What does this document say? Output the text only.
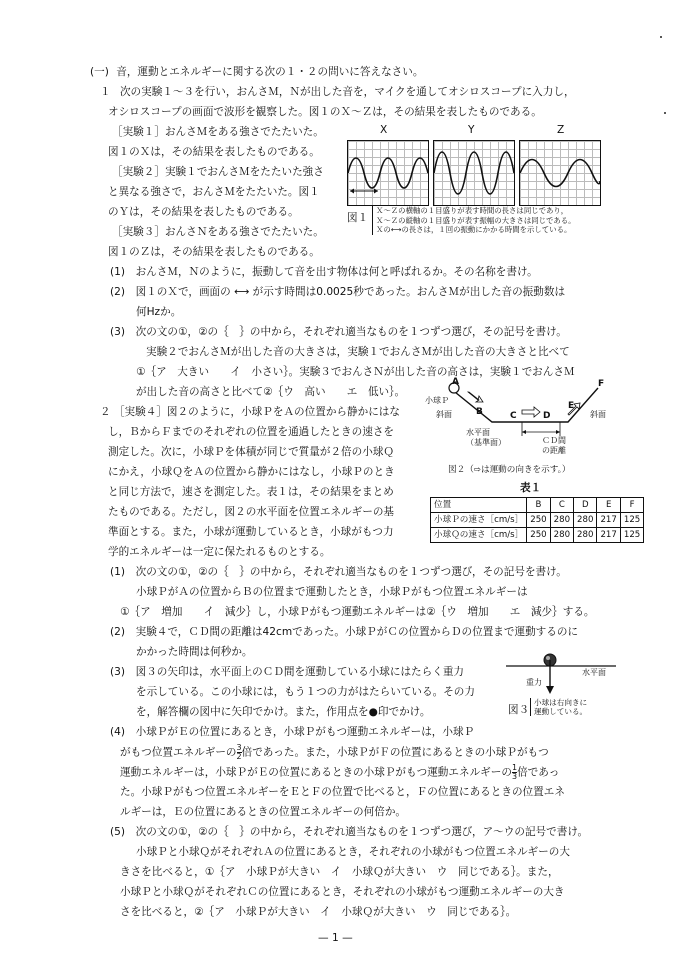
(一) 音，運動とエネルギーに関する次の１・２の問いに答えなさい。
１ 次の実験１～３を行い，おんさＭ，Ｎが出した音を，マイクを通してオシロスコープに入力し，
オシロスコープの画面で波形を観察した。図１のＸ～Ｚは，その結果を表したものである。
［実験１］おんさＭをある強さでたたいた。
図１のＸは，その結果を表したものである。
［実験２］実験１でおんさＭをたたいた強さ
と異なる強さで，おんさＭをたたいた。図１
のＹは，その結果を表したものである。
［実験３］おんさＮをある強さでたたいた。
図１のＺは，その結果を表したものである。
X	Y	Z
図１
Ｘ～Ｚの横軸の１目盛りが表す時間の長さは同じであり，
Ｘ～Ｚの縦軸の１目盛りが表す振幅の大きさは同じである。
Ｘの⟷の長さは，１回の振動にかかる時間を示している。
(1)　おんさＭ，Ｎのように，振動して音を出す物体は何と呼ばれるか。その名称を書け。
(2)　図１のＸで，画面の ⟷ が示す時間は0.0025秒であった。おんさＭが出した音の振動数は
何Hzか。
(3)　次の文の①，②の｛　｝の中から，それぞれ適当なものを１つずつ選び，その記号を書け。
実験２でおんさＭが出した音の大きさは，実験１でおんさＭが出した音の大きさと比べて
①｛ア　大きい　　イ　小さい｝。実験３でおんさＮが出した音の高さは，実験１でおんさＭ
が出した音の高さと比べて②｛ウ　高い　　エ　低い｝。
２ ［実験４］図２のように，小球ＰをＡの位置から静かにはな
し，ＢからＦまでのそれぞれの位置を通過したときの速さを
測定した。次に，小球Ｐを体積が同じで質量が２倍の小球Ｑ
にかえ，小球ＱをＡの位置から静かにはなし，小球Ｐのとき
と同じ方法で，速さを測定した。表１は，その結果をまとめ
たものである。ただし，図２の水平面を位置エネルギーの基
準面とする。また，小球が運動しているとき，小球がもつ力
学的エネルギーは一定に保たれるものとする。
A
B	C	D
E
F
小球Ｐ
斜面	斜面
水平面
（基準面）	ＣＤ間
の距離
図２（⇨は運動の向きを示す。）
表１
位置	B	C	D	E	F
小球Ｐの速さ［cm/s］	250	280	280	217	125
小球Ｑの速さ［cm/s］	250	280	280	217	125
(1)　次の文の①，②の｛　｝の中から，それぞれ適当なものを１つずつ選び，その記号を書け。
小球ＰがＡの位置からＢの位置まで運動したとき，小球Ｐがもつ位置エネルギーは
①｛ア　増加　　イ　減少｝し，小球Ｐがもつ運動エネルギーは②｛ウ　増加　　エ　減少｝する。
(2)　実験４で，ＣＤ間の距離は42cmであった。小球ＰがＣの位置からＤの位置まで運動するのに
かかった時間は何秒か。
(3)　図３の矢印は，水平面上のＣＤ間を運動している小球にはたらく重力
を示している。この小球には，もう１つの力がはたらいている。その力
を，解答欄の図中に矢印でかけ。また，作用点を●印でかけ。
水平面
重力
図３
小球は右向きに
運動している。
(4)　小球ＰがＥの位置にあるとき，小球Ｐがもつ運動エネルギーは，小球Ｐ
がもつ位置エネルギーの $\frac{3}{2}$ 倍であった。また，小球ＰがＦの位置にあるときの小球Ｐがもつ
運動エネルギーは，小球ＰがＥの位置にあるときの小球Ｐがもつ運動エネルギーの $\frac{1}{3}$ 倍であっ
た。小球Ｐがもつ位置エネルギーをＥとＦの位置で比べると，Ｆの位置にあるときの位置エネ
ルギーは，Ｅの位置にあるときの位置エネルギーの何倍か。
(5)　次の文の①，②の｛　｝の中から，それぞれ適当なものを１つずつ選び，ア～ウの記号で書け。
小球Ｐと小球ＱがそれぞれＡの位置にあるとき，それぞれの小球がもつ位置エネルギーの大
きさを比べると，①｛ア　小球Ｐが大きい　イ　小球Ｑが大きい　ウ　同じである｝。また，
小球Ｐと小球ＱがそれぞれＣの位置にあるとき，それぞれの小球がもつ運動エネルギーの大き
さを比べると，②｛ア　小球Ｐが大きい　イ　小球Ｑが大きい　ウ　同じである｝。
— 1 —
